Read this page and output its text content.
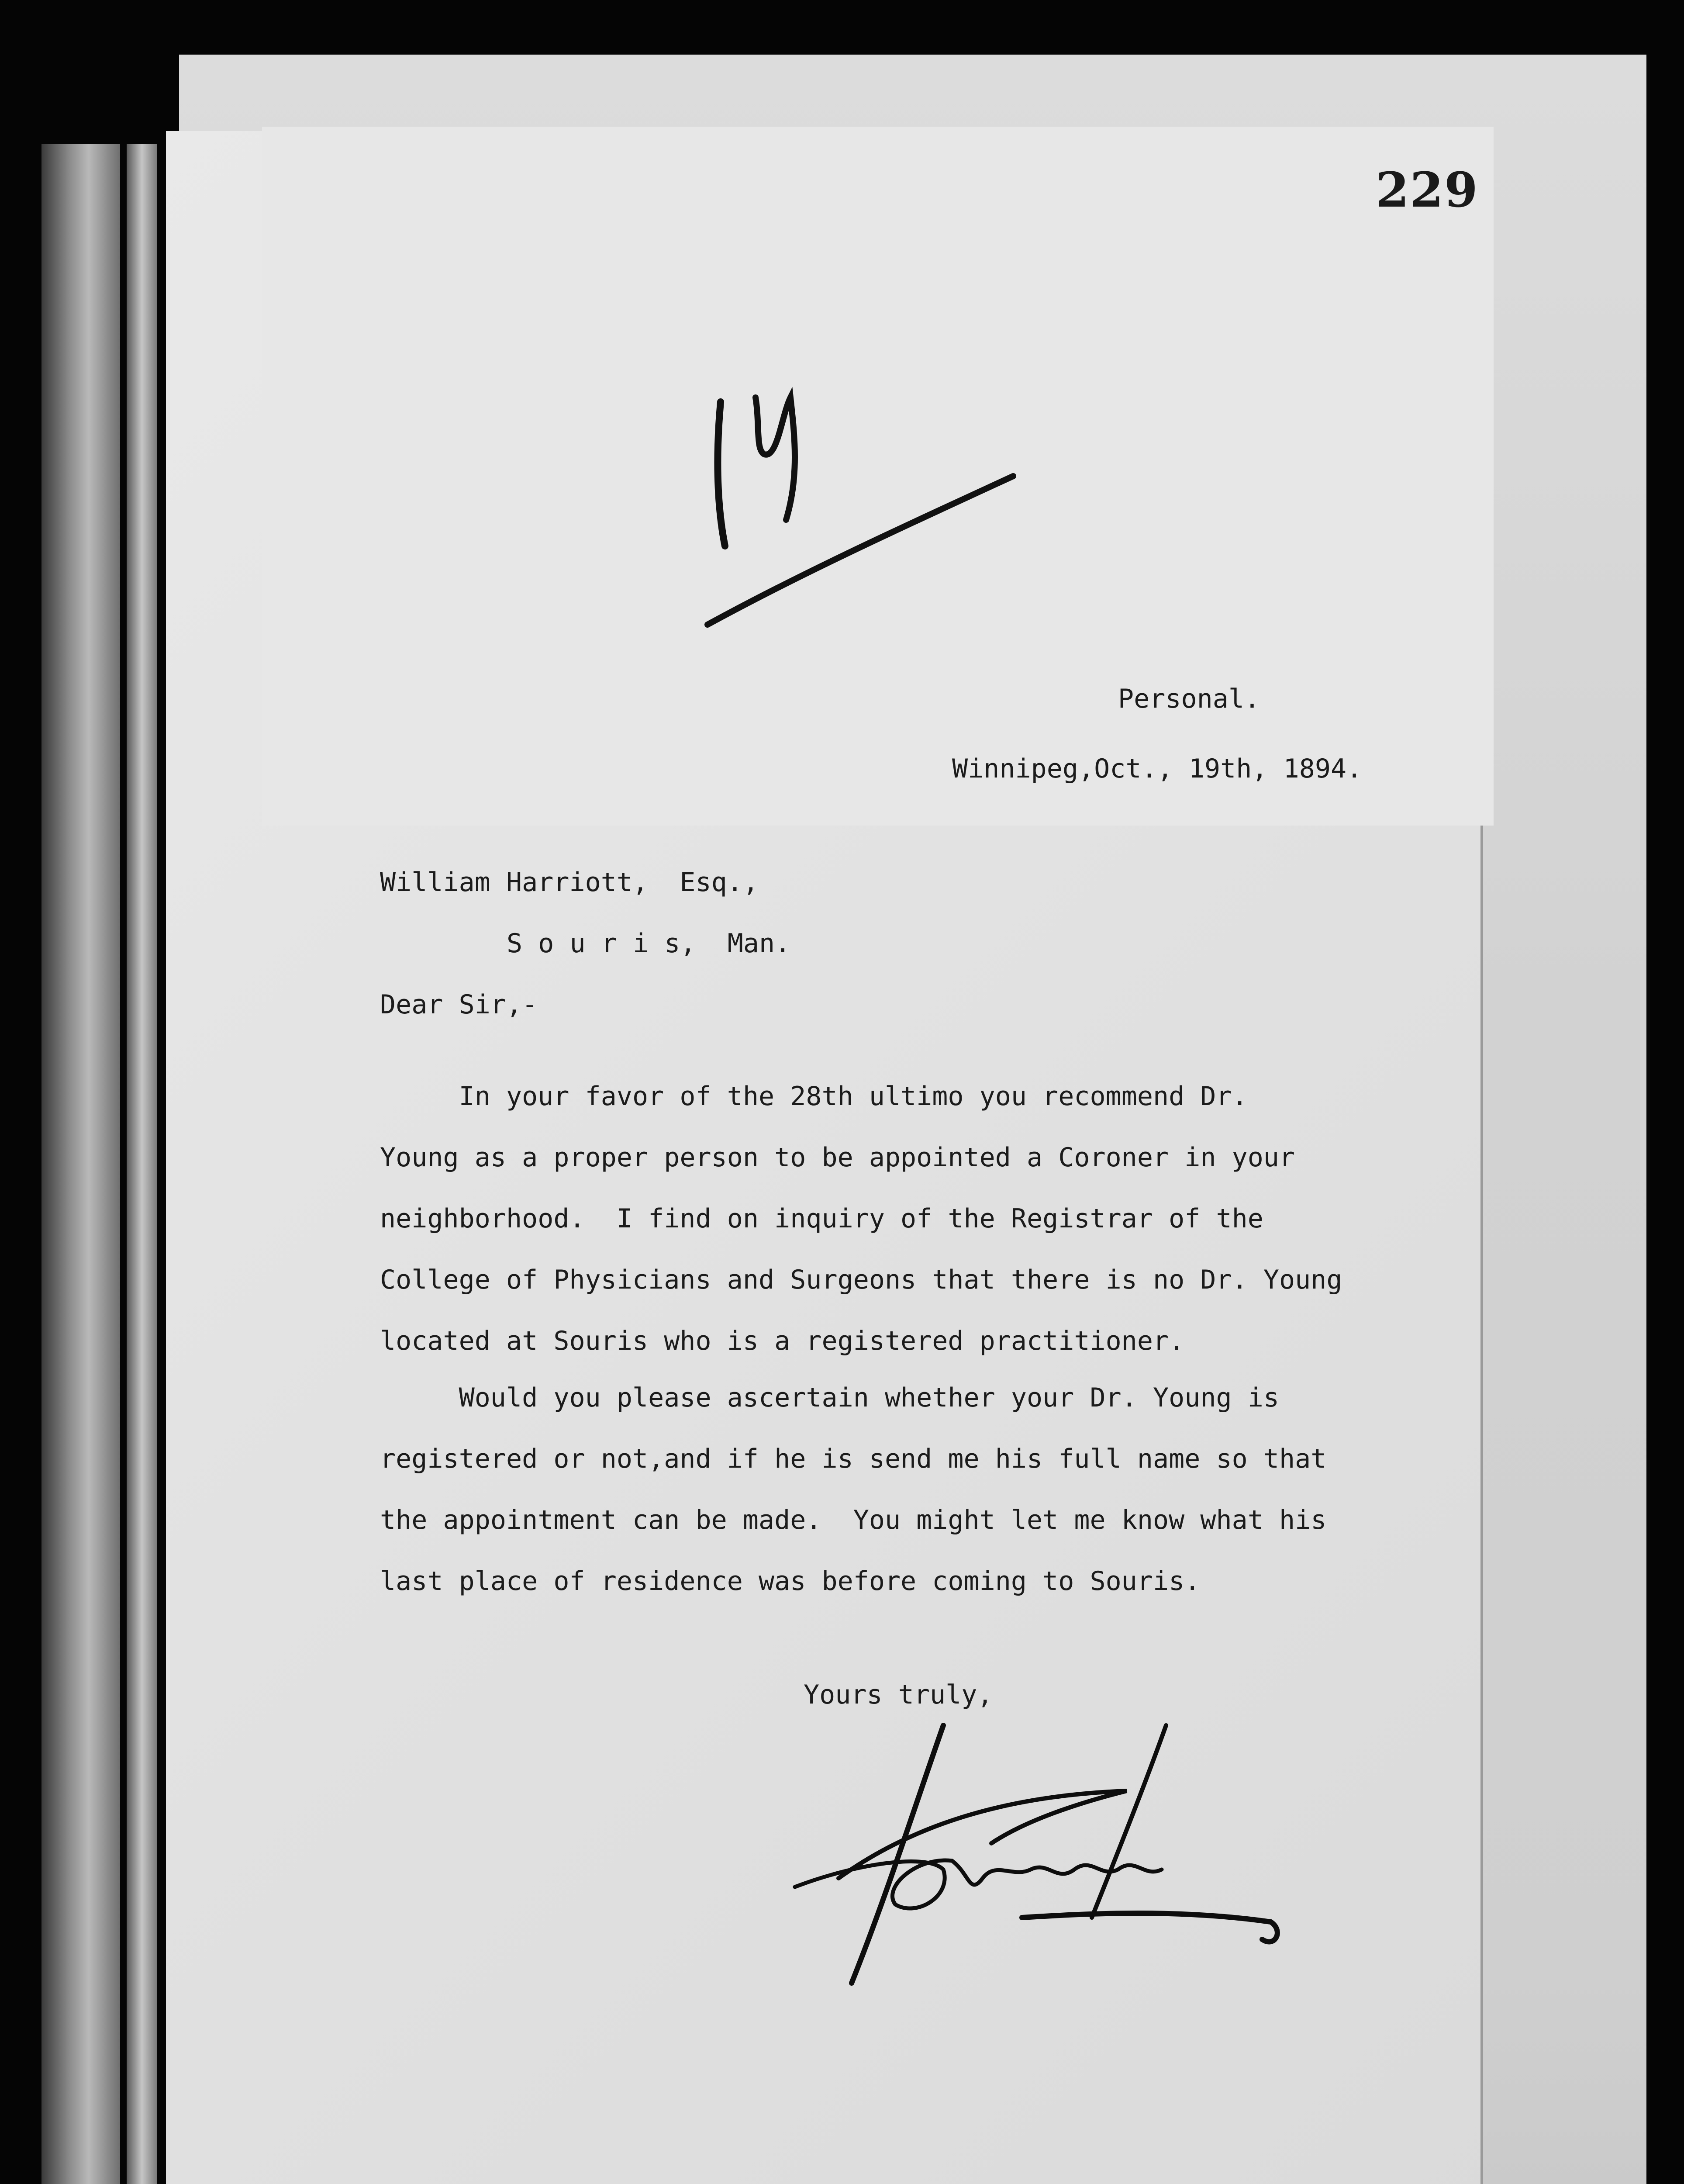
229
Personal.
Winnipeg,Oct., 19th, 1894.
William Harriott,  Esq.,
S o u r i s,  Man.
Dear Sir,-
In your favor of the 28th ultimo you recommend Dr.
Young as a proper person to be appointed a Coroner in your
neighborhood.  I find on inquiry of the Registrar of the
College of Physicians and Surgeons that there is no Dr. Young
located at Souris who is a registered practitioner.
Would you please ascertain whether your Dr. Young is
registered or not,and if he is send me his full name so that
the appointment can be made.  You might let me know what his
last place of residence was before coming to Souris.
Yours truly,
